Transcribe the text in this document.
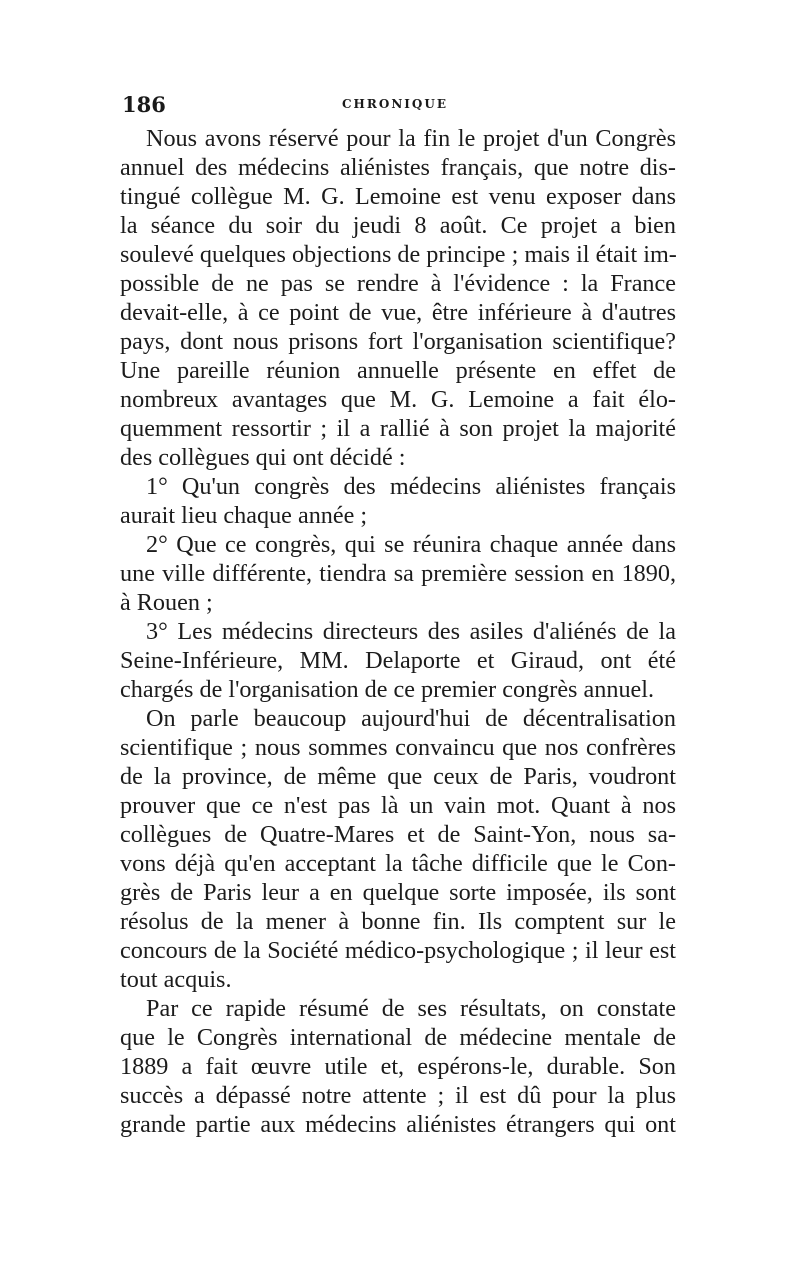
186	CHRONIQUE
Nous avons réservé pour la fin le projet d'un Congrès
annuel des médecins aliénistes français, que notre dis-
tingué collègue M. G. Lemoine est venu exposer dans
la séance du soir du jeudi 8 août. Ce projet a bien
soulevé quelques objections de principe ; mais il était im-
possible de ne pas se rendre à l'évidence : la France
devait-elle, à ce point de vue, être inférieure à d'autres
pays, dont nous prisons fort l'organisation scientifique?
Une pareille réunion annuelle présente en effet de
nombreux avantages que M. G. Lemoine a fait élo-
quemment ressortir ; il a rallié à son projet la majorité
des collègues qui ont décidé :
1° Qu'un congrès des médecins aliénistes français
aurait lieu chaque année ;
2° Que ce congrès, qui se réunira chaque année dans
une ville différente, tiendra sa première session en 1890,
à Rouen ;
3° Les médecins directeurs des asiles d'aliénés de la
Seine-Inférieure, MM. Delaporte et Giraud, ont été
chargés de l'organisation de ce premier congrès annuel.
On parle beaucoup aujourd'hui de décentralisation
scientifique ; nous sommes convaincu que nos confrères
de la province, de même que ceux de Paris, voudront
prouver que ce n'est pas là un vain mot. Quant à nos
collègues de Quatre-Mares et de Saint-Yon, nous sa-
vons déjà qu'en acceptant la tâche difficile que le Con-
grès de Paris leur a en quelque sorte imposée, ils sont
résolus de la mener à bonne fin. Ils comptent sur le
concours de la Société médico-psychologique ; il leur est
tout acquis.
Par ce rapide résumé de ses résultats, on constate
que le Congrès international de médecine mentale de
1889 a fait œuvre utile et, espérons-le, durable. Son
succès a dépassé notre attente ; il est dû pour la plus
grande partie aux médecins aliénistes étrangers qui ont
